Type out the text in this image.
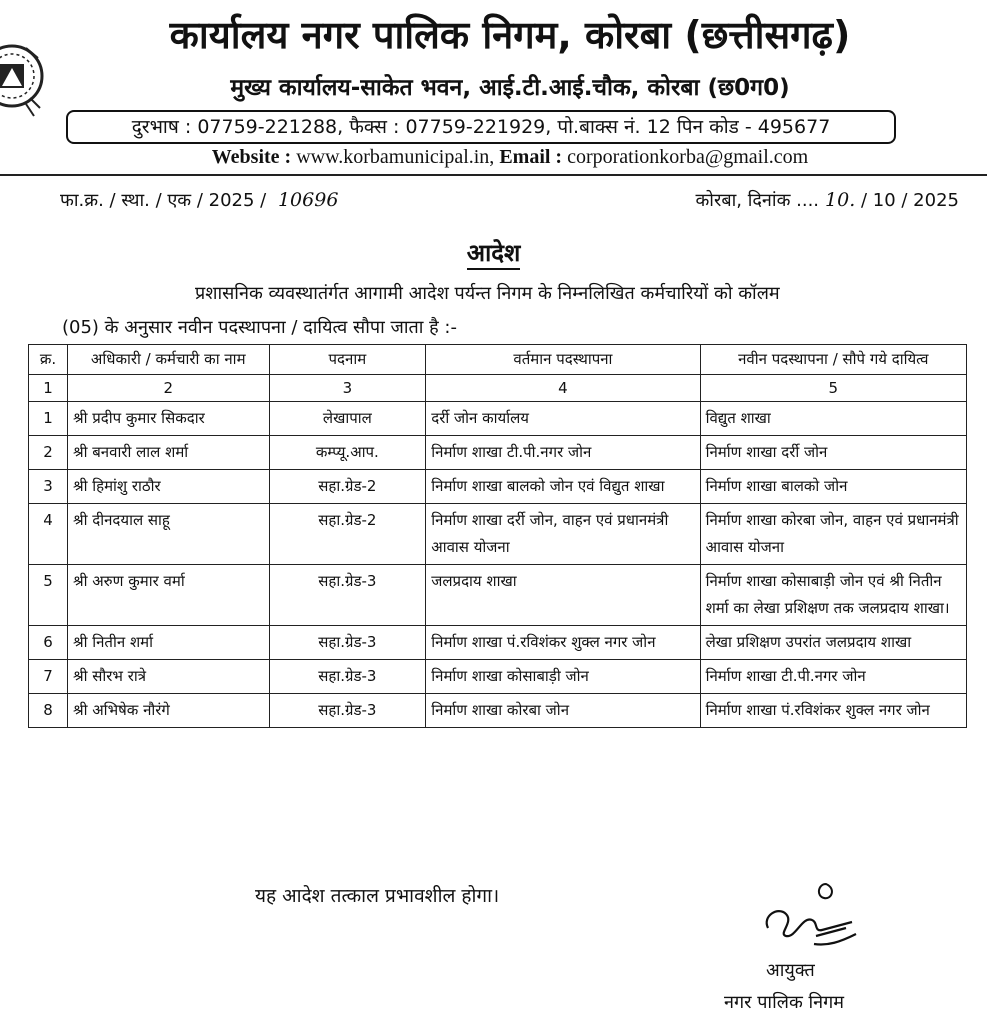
कार्यालय नगर पालिक निगम, कोरबा (छत्तीसगढ़)
मुख्य कार्यालय-साकेत भवन, आई.टी.आई.चौक, कोरबा (छ0ग0)
दुरभाष : 07759-221288, फैक्स : 07759-221929, पो.बाक्स नं. 12 पिन कोड - 495677
Website : www.korbamunicipal.in, Email : corporationkorba@gmail.com
फा.क्र. / स्था. / एक / 2025 / 10696	कोरबा, दिनांक .... 10. / 10 / 2025
आदेश
प्रशासनिक व्यवस्थातंर्गत आगामी आदेश पर्यन्त निगम के निम्नलिखित कर्मचारियों को कॉलम
(05) के अनुसार नवीन पदस्थापना / दायित्व सौपा जाता है :-
क्र.	अधिकारी / कर्मचारी का नाम	पदनाम	वर्तमान पदस्थापना	नवीन पदस्थापना / सौपे गये दायित्व
1	2	3	4	5
1	श्री प्रदीप कुमार सिकदार	लेखापाल	दर्री जोन कार्यालय	विद्युत शाखा
2	श्री बनवारी लाल शर्मा	कम्प्यू.आप.	निर्माण शाखा टी.पी.नगर जोन	निर्माण शाखा दर्री जोन
3	श्री हिमांशु राठौर	सहा.ग्रेड-2	निर्माण शाखा बालको जोन एवं विद्युत शाखा	निर्माण शाखा बालको जोन
4	श्री दीनदयाल साहू	सहा.ग्रेड-2	निर्माण शाखा दर्री जोन, वाहन एवं प्रधानमंत्री आवास योजना	निर्माण शाखा कोरबा जोन, वाहन एवं प्रधानमंत्री आवास योजना
5	श्री अरुण कुमार वर्मा	सहा.ग्रेड-3	जलप्रदाय शाखा	निर्माण शाखा कोसाबाड़ी जोन एवं श्री नितीन शर्मा का लेखा प्रशिक्षण तक जलप्रदाय शाखा।
6	श्री नितीन शर्मा	सहा.ग्रेड-3	निर्माण शाखा पं.रविशंकर शुक्ल नगर जोन	लेखा प्रशिक्षण उपरांत जलप्रदाय शाखा
7	श्री सौरभ रात्रे	सहा.ग्रेड-3	निर्माण शाखा कोसाबाड़ी जोन	निर्माण शाखा टी.पी.नगर जोन
8	श्री अभिषेक नौरंगे	सहा.ग्रेड-3	निर्माण शाखा कोरबा जोन	निर्माण शाखा पं.रविशंकर शुक्ल नगर जोन
यह आदेश तत्काल प्रभावशील होगा।
आयुक्त
नगर पालिक निगम
